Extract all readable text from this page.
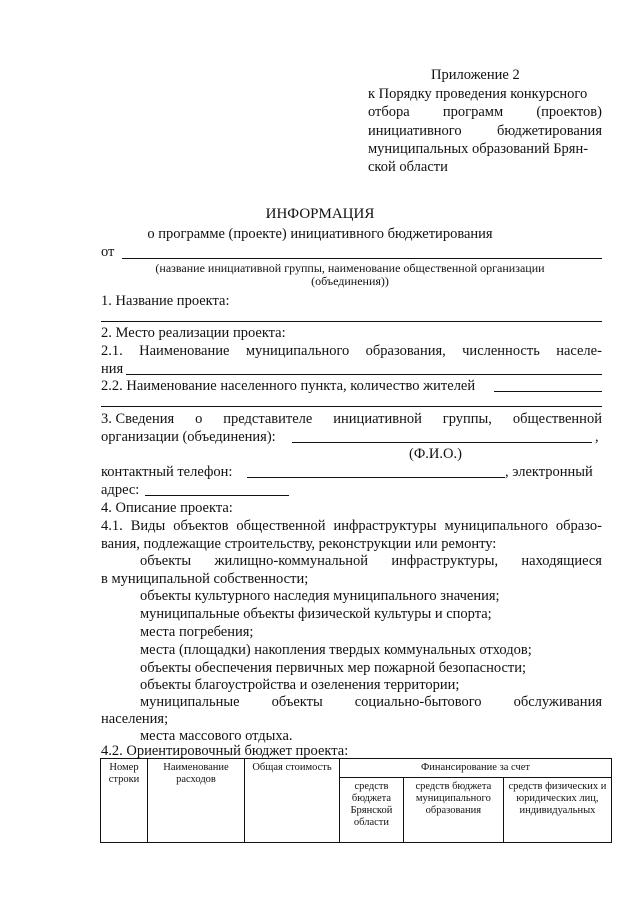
Приложение 2
к Порядку проведения конкурсного
отбора программ (проектов)
инициативного бюджетирования
муниципальных образований Брян-
ской области
ИНФОРМАЦИЯ
о программе (проекте) инициативного бюджетирования
от
(название инициативной группы, наименование общественной организации
(объединения))
1. Название проекта:
2. Место реализации проекта:
2.1. Наименование муниципального образования, численность населе-
ния
2.2. Наименование населенного пункта, количество жителей
3. Сведения о представителе инициативной группы, общественной
организации (объединения):	,
(Ф.И.О.)
контактный телефон:	, электронный
адрес:
4. Описание проекта:
4.1. Виды объектов общественной инфраструктуры муниципального образо-
вания, подлежащие строительству, реконструкции или ремонту:
объекты жилищно-коммунальной инфраструктуры, находящиеся
в муниципальной собственности;
объекты культурного наследия муниципального значения;
муниципальные объекты физической культуры и спорта;
места погребения;
места (площадки) накопления твердых коммунальных отходов;
объекты обеспечения первичных мер пожарной безопасности;
объекты благоустройства и озеленения территории;
муниципальные объекты социально-бытового обслуживания
населения;
места массового отдыха.
4.2. Ориентировочный бюджет проекта:
Номер строки	Наименование расходов	Общая стоимость	Финансирование за счет		
			средств бюджета Брянской области	средств бюджета муниципального образования	средств физических и юридических лиц, индивидуальных
